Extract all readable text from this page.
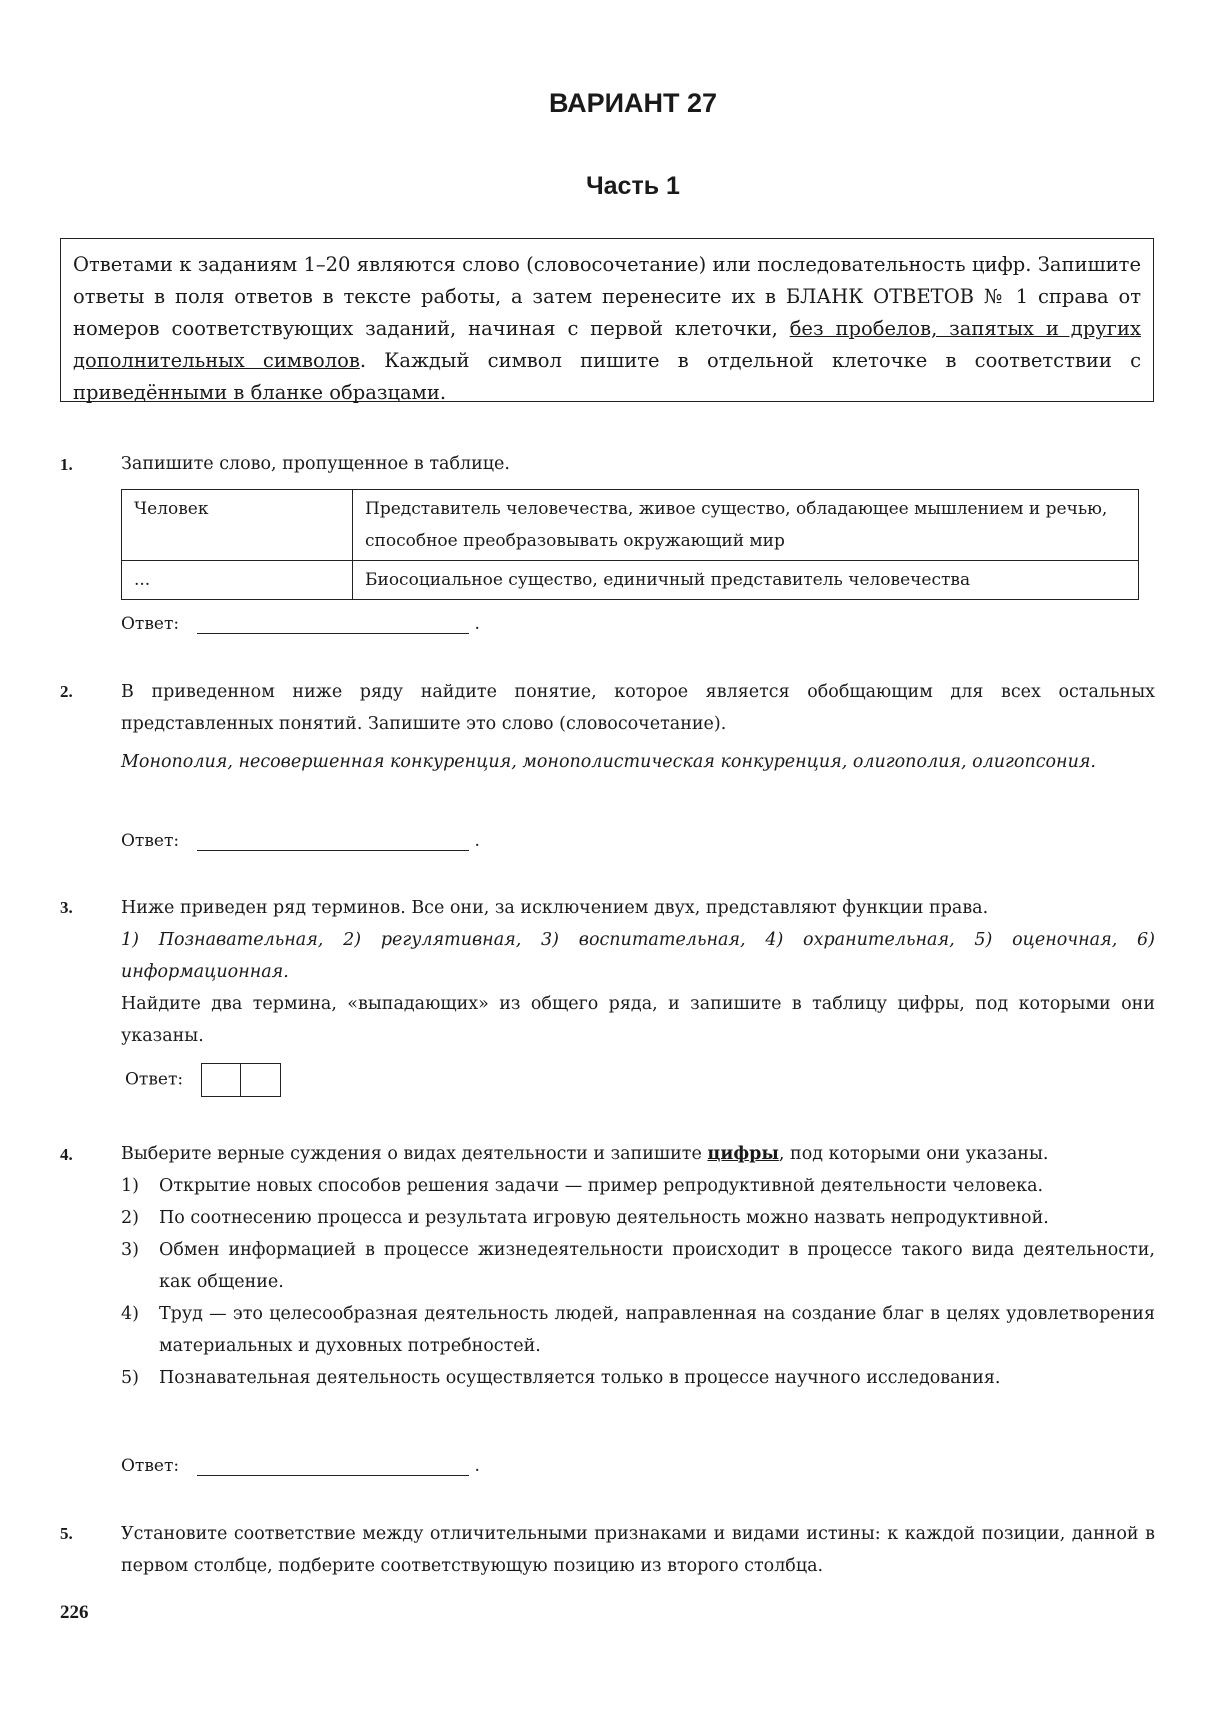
ВАРИАНТ 27
Часть 1

Ответами к заданиям 1–20 являются слово (словосочетание) или последовательность цифр. Запишите ответы в поля ответов в тексте работы, а затем перенесите их в БЛАНК ОТВЕТОВ № 1 справа от номеров соответствующих заданий, начиная с первой клеточки, без пробелов, запятых и других дополнительных символов. Каждый символ пишите в отдельной клеточке в соответствии с приведёнными в бланке образцами.

1.	Запишите слово, пропущенное в таблице.
Человек	Представитель человечества, живое существо, обладающее мышлением и речью, способное преобразовывать окружающий мир
...	Биосоциальное существо, единичный представитель человечества
Ответ:	.
2.	В приведенном ниже ряду найдите понятие, которое является обобщающим для всех остальных представленных понятий. Запишите это слово (словосочетание).

Монополия, несовершенная конкуренция, монополистическая конкуренция, олигополия, олигопсония.

Ответ:	.
3.	Ниже приведен ряд терминов. Все они, за исключением двух, представляют функции права.

1) Познавательная, 2) регулятивная, 3) воспитательная, 4) охранительная, 5) оценочная, 6) информационная.

Найдите два термина, «выпадающих» из общего ряда, и запишите в таблицу цифры, под которыми они указаны.

Ответ:
4.	Выберите верные суждения о видах деятельности и запишите цифры, под которыми они указаны.

1)	Открытие новых способов решения задачи — пример репродуктивной деятельности человека.
2)	По соотнесению процесса и результата игровую деятельность можно назвать непродуктивной.
3)	Обмен информацией в процессе жизнедеятельности происходит в процессе такого вида деятельности, как общение.
4)	Труд — это целесообразная деятельность людей, направленная на создание благ в целях удовлетворения материальных и духовных потребностей.
5)	Познавательная деятельность осуществляется только в процессе научного исследования.
Ответ:	.
5.	Установите соответствие между отличительными признаками и видами истины: к каждой позиции, данной в первом столбце, подберите соответствующую позицию из второго столбца.
226
